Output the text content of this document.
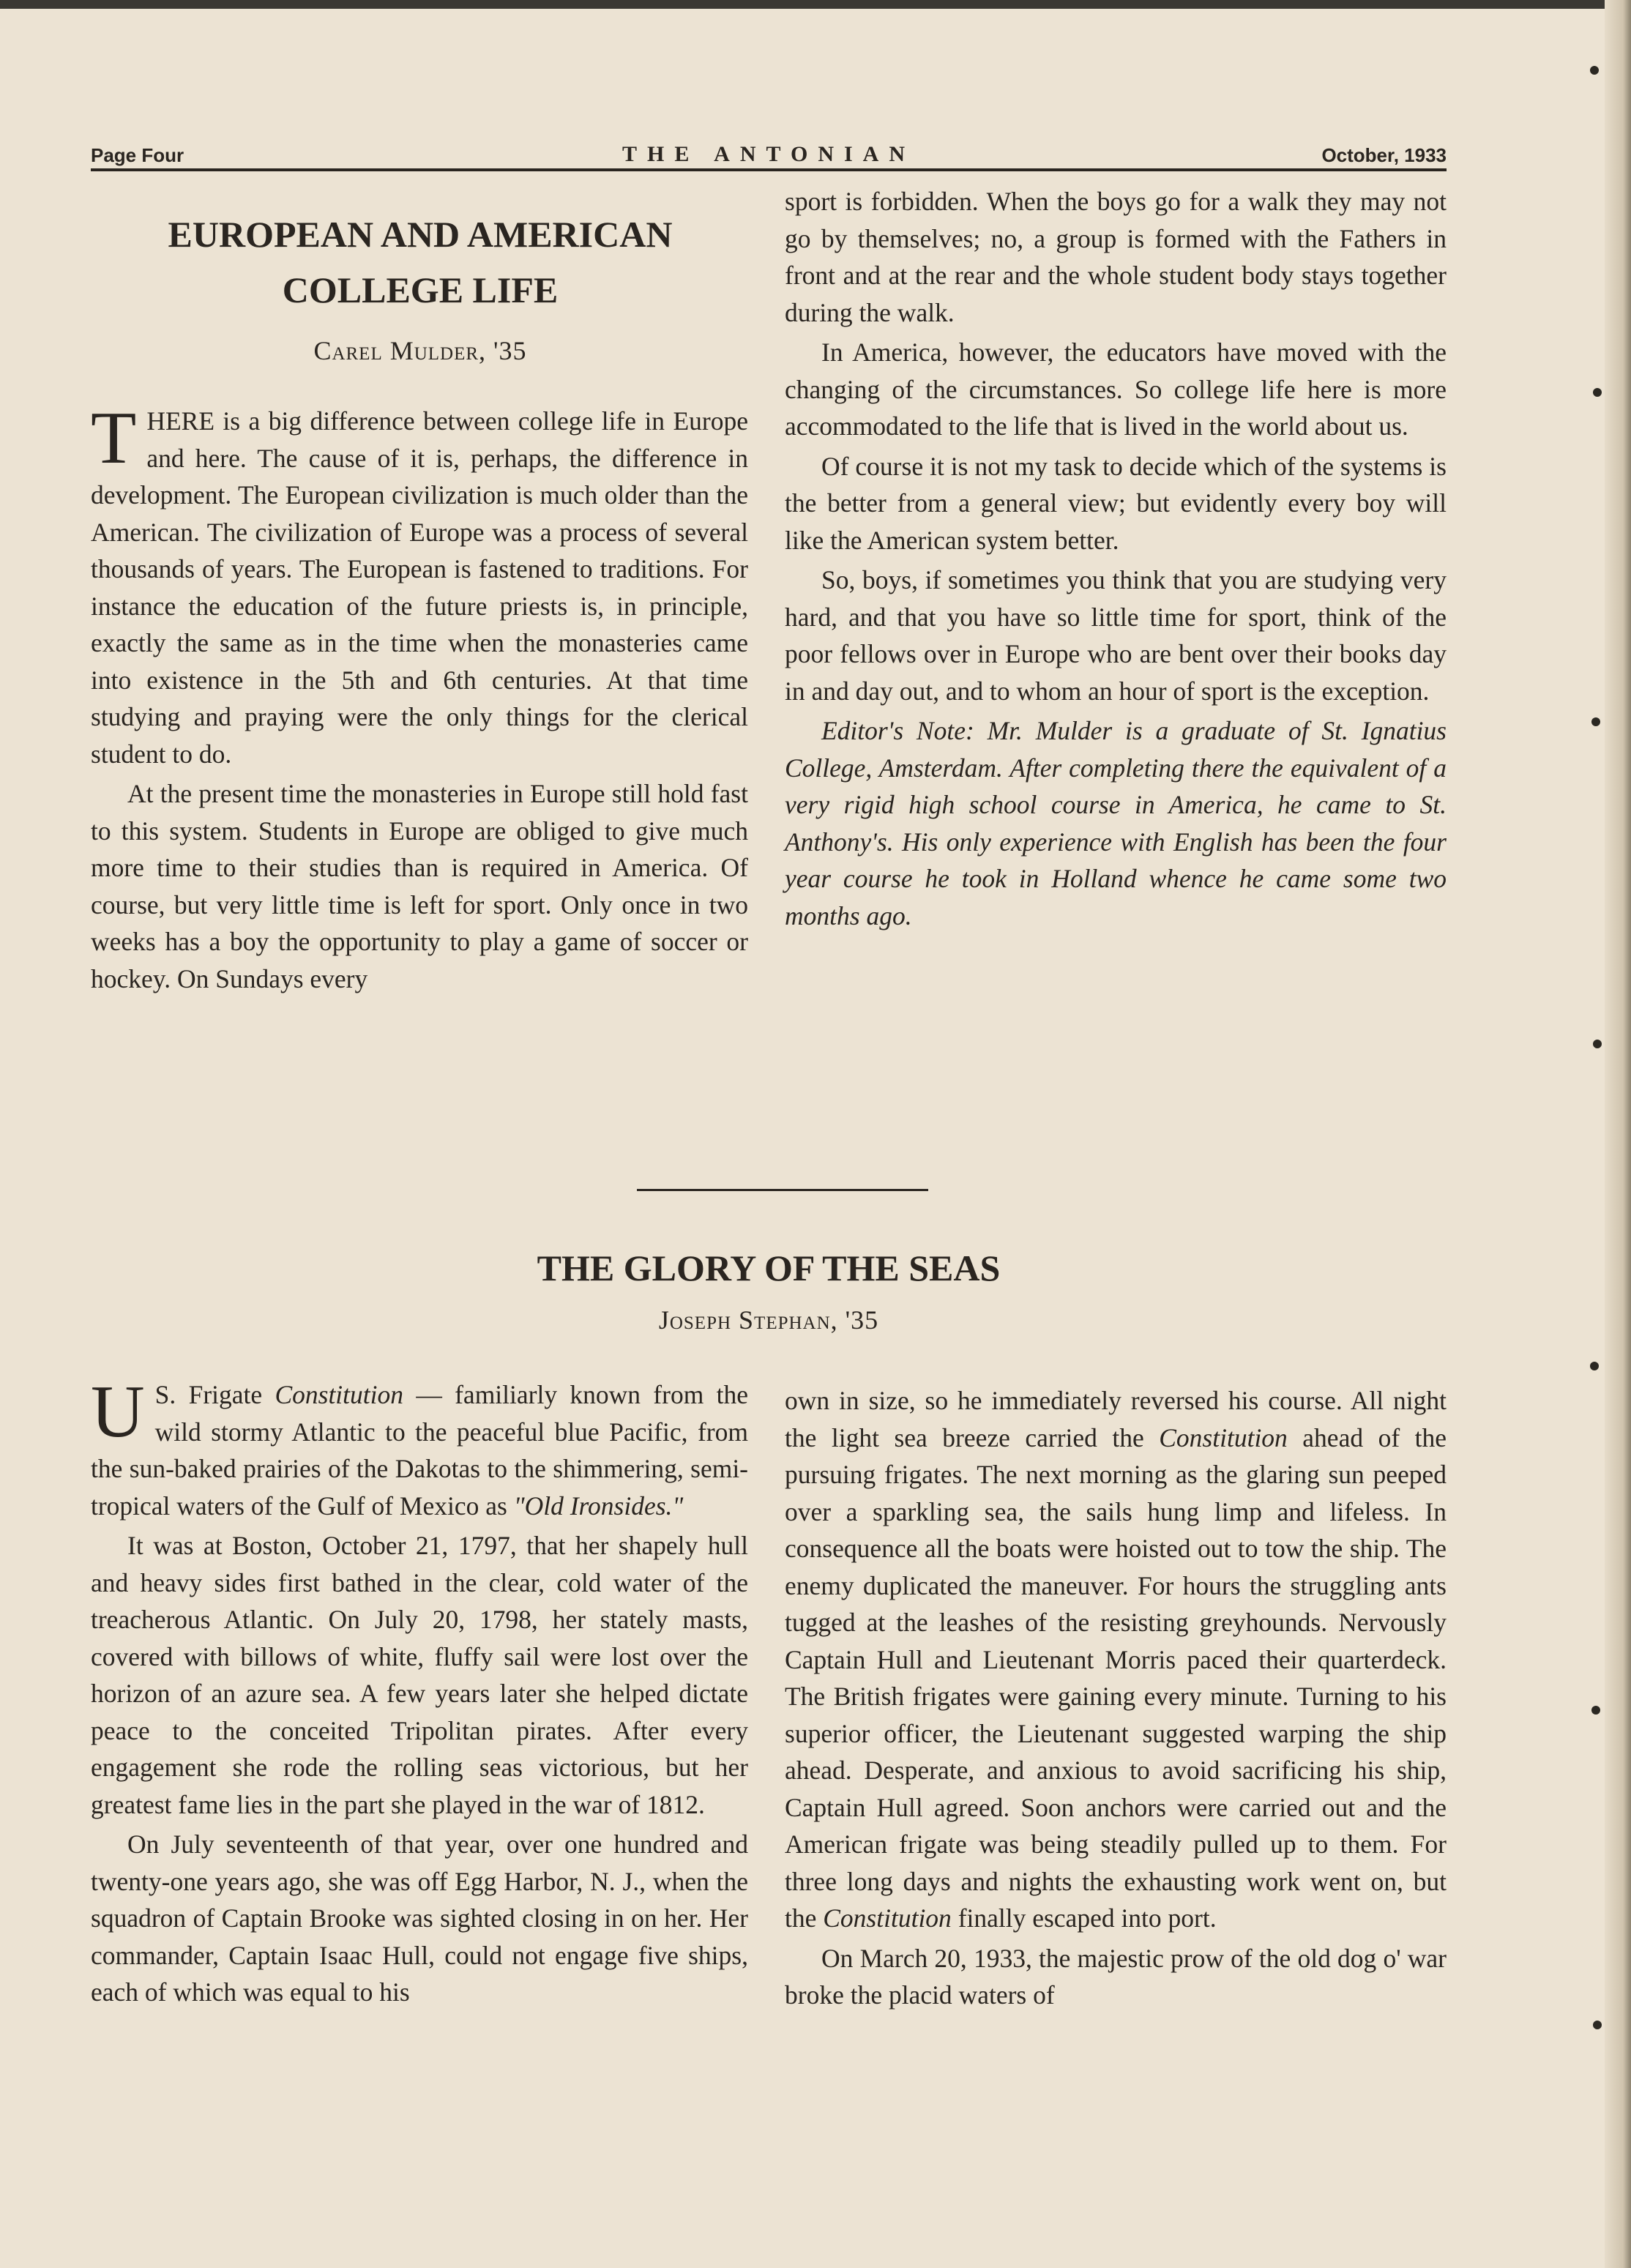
Page Four	THE ANTONIAN	October, 1933
EUROPEAN AND AMERICAN
COLLEGE LIFE
Carel Mulder, '35

THERE is a big difference between college life in Europe and here. The cause of it is, perhaps, the difference in development. The European civilization is much older than the American. The civilization of Europe was a process of several thousands of years. The European is fastened to traditions. For instance the education of the future priests is, in principle, exactly the same as in the time when the monasteries came into existence in the 5th and 6th centuries. At that time studying and praying were the only things for the clerical student to do.

At the present time the monasteries in Europe still hold fast to this system. Students in Europe are obliged to give much more time to their studies than is required in America. Of course, but very little time is left for sport. Only once in two weeks has a boy the opportunity to play a game of soccer or hockey. On Sundays every

sport is forbidden. When the boys go for a walk they may not go by themselves; no, a group is formed with the Fathers in front and at the rear and the whole student body stays together during the walk.

In America, however, the educators have moved with the changing of the circumstances. So college life here is more accommodated to the life that is lived in the world about us.

Of course it is not my task to decide which of the systems is the better from a general view; but evidently every boy will like the American system better.

So, boys, if sometimes you think that you are studying very hard, and that you have so little time for sport, think of the poor fellows over in Europe who are bent over their books day in and day out, and to whom an hour of sport is the exception.

Editor's Note: Mr. Mulder is a graduate of St. Ignatius College, Amsterdam. After completing there the equivalent of a very rigid high school course in America, he came to St. Anthony's. His only experience with English has been the four year course he took in Holland whence he came some two months ago.

THE GLORY OF THE SEAS
Joseph Stephan, '35

U S. Frigate Constitution — familiarly known from the wild stormy Atlantic to the peaceful blue Pacific, from the sun-baked prairies of the Dakotas to the shimmering, semi-tropical waters of the Gulf of Mexico as "Old Ironsides."

It was at Boston, October 21, 1797, that her shapely hull and heavy sides first bathed in the clear, cold water of the treacherous Atlantic. On July 20, 1798, her stately masts, covered with billows of white, fluffy sail were lost over the horizon of an azure sea. A few years later she helped dictate peace to the conceited Tripolitan pirates. After every engagement she rode the rolling seas victorious, but her greatest fame lies in the part she played in the war of 1812.

On July seventeenth of that year, over one hundred and twenty-one years ago, she was off Egg Harbor, N. J., when the squadron of Captain Brooke was sighted closing in on her. Her commander, Captain Isaac Hull, could not engage five ships, each of which was equal to his

own in size, so he immediately reversed his course. All night the light sea breeze carried the Constitution ahead of the pursuing frigates. The next morning as the glaring sun peeped over a sparkling sea, the sails hung limp and lifeless. In consequence all the boats were hoisted out to tow the ship. The enemy duplicated the maneuver. For hours the struggling ants tugged at the leashes of the resisting greyhounds. Nervously Captain Hull and Lieutenant Morris paced their quarterdeck. The British frigates were gaining every minute. Turning to his superior officer, the Lieutenant suggested warping the ship ahead. Desperate, and anxious to avoid sacrificing his ship, Captain Hull agreed. Soon anchors were carried out and the American frigate was being steadily pulled up to them. For three long days and nights the exhausting work went on, but the Constitution finally escaped into port.

On March 20, 1933, the majestic prow of the old dog o' war broke the placid waters of
